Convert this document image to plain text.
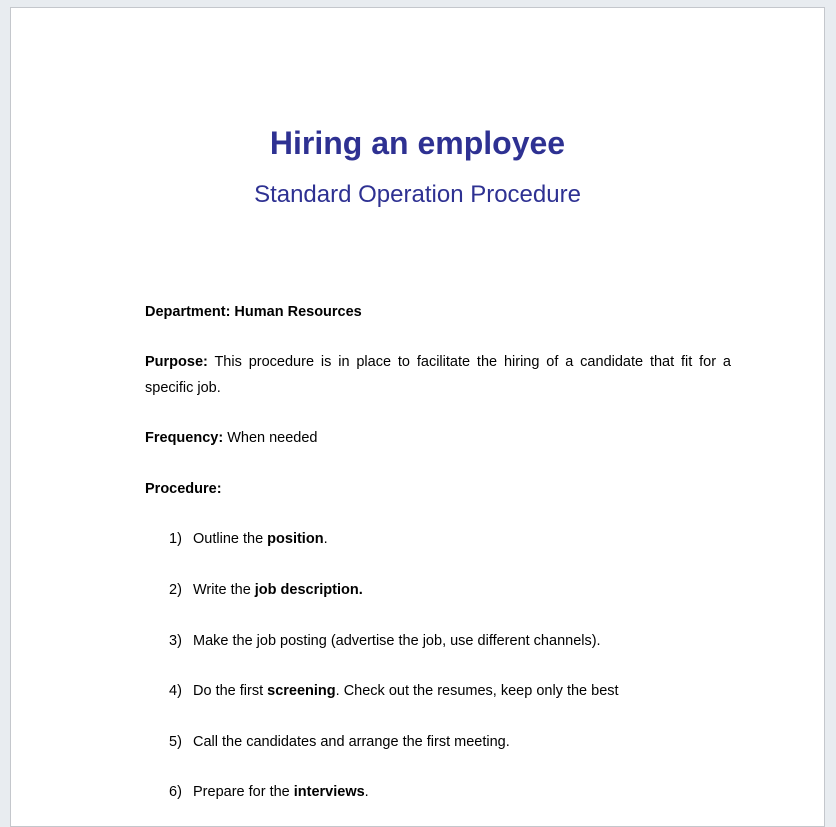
Hiring an employee
Standard Operation Procedure
Department: Human Resources
Purpose: This procedure is in place to facilitate the hiring of a candidate that fit for a specific job.
Frequency: When needed
Procedure:
1) Outline the position.
2) Write the job description.
3) Make the job posting (advertise the job, use different channels).
4) Do the first screening. Check out the resumes, keep only the best
5) Call the candidates and arrange the first meeting.
6) Prepare for the interviews.
